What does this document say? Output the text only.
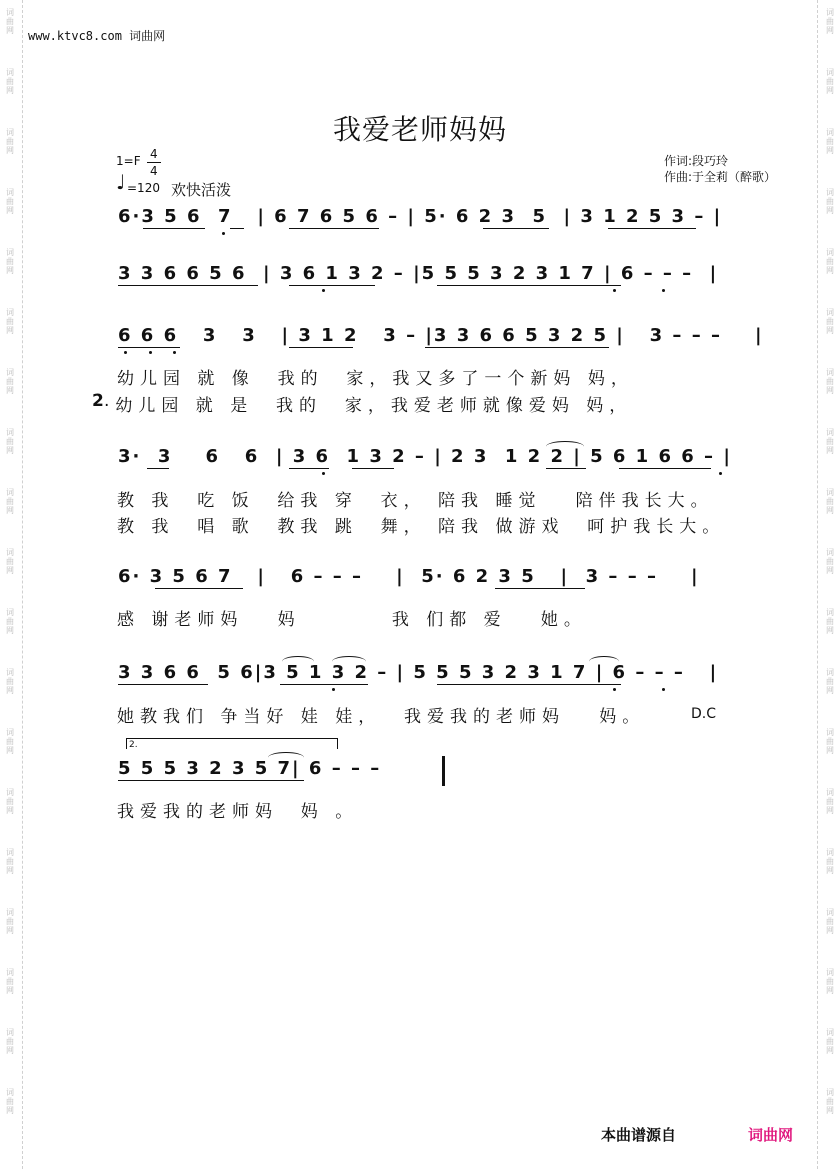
词
曲
网
词
曲
网
词
曲
网
词
曲
网
词
曲
网
词
曲
网
词
曲
网
词
曲
网
词
曲
网
词
曲
网
词
曲
网
词
曲
网
词
曲
网
词
曲
网
词
曲
网
词
曲
网
词
曲
网
词
曲
网
词
曲
网
词
曲
网
词
曲
网
词
曲
网
词
曲
网
词
曲
网
词
曲
网
词
曲
网
词
曲
网
词
曲
网
词
曲
网
词
曲
网
词
曲
网
词
曲
网
词
曲
网
词
曲
网
词
曲
网
词
曲
网
词
曲
网
词
曲
网
www.ktvc8.com 词曲网
我爱老师妈妈
1=F 4
4
♩ =120 欢快活泼
作词:段巧玲
作曲:于全莉（醉歌）
6·3 5 6  7   | 6 7 6 5 6 – | 5· 6 2 3  5  | 3 1 2 5 3 – |
3 3 6 6 5 6  | 3 6 1 3 2 – |5 5 5 3 2 3 1 7 | 6 – – –  |
6 6 6   3   3   | 3 1 2   3 – |3 3 6 6 5 3 2 5 |   3 – – –    |
幼儿园 就 像  我的  家，我又多了一个新妈 妈，
2
·幼儿园 就 是  我的  家，我爱老师就像爱妈 妈，
3·  3    6   6  | 3 6  1 3 2 – | 2 3  1 2 2 | 5 6 1 6 6 – |
教 我  吃 饭  给我 穿  衣， 陪我 睡觉   陪伴我长大。
教 我  唱 歌  教我 跳  舞， 陪我 做游戏  呵护我长大。
6· 3 5 6 7   |   6 – – –    |  5· 6 2 3 5   |  3 – – –    |
感 谢老师妈   妈        我 们都 爱   她。
3 3 6 6  5 6|3 5 1 3 2 – | 5 5 5 3 2 3 1 7 | 6 – – –   |
她教我们 争当好 娃 娃，  我爱我的老师妈   妈。	D.C
2.
5 5 5 3 2 3 5 7| 6 – – –
我爱我的老师妈  妈 。
本曲谱源自	词曲网
